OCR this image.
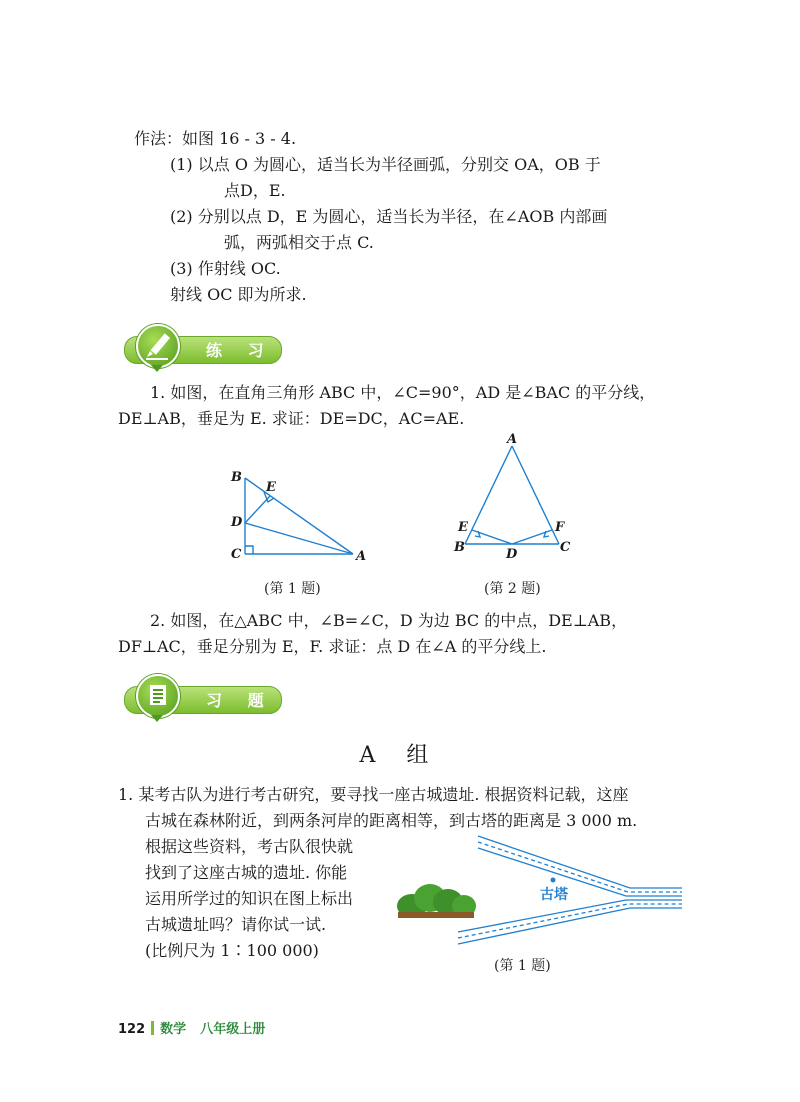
作法：如图 16 - 3 - 4.
(1) 以点 O 为圆心，适当长为半径画弧，分别交 OA，OB 于
点D，E.
(2) 分别以点 D，E 为圆心，适当长为半径，在∠AOB 内部画
弧，两弧相交于点 C.
(3) 作射线 OC.
射线 OC 即为所求.
练 习
1. 如图，在直角三角形 ABC 中，∠C=90°，AD 是∠BAC 的平分线，
DE⊥AB，垂足为 E. 求证：DE=DC，AC=AE.
B
E
D
C	A
(第 1 题)
A
E	F
B	D	C
(第 2 题)
2. 如图，在△ABC 中，∠B=∠C，D 为边 BC 的中点，DE⊥AB，
DF⊥AC，垂足分别为 E，F. 求证：点 D 在∠A 的平分线上.
习 题
A 组
1. 某考古队为进行考古研究，要寻找一座古城遗址. 根据资料记载，这座
古城在森林附近，到两条河岸的距离相等，到古塔的距离是 3 000 m.
根据这些资料，考古队很快就
找到了这座古城的遗址. 你能
运用所学过的知识在图上标出
古城遗址吗？请你试一试.
(比例尺为 1∶100 000)
古塔
(第 1 题)
122 数学 八年级上册
